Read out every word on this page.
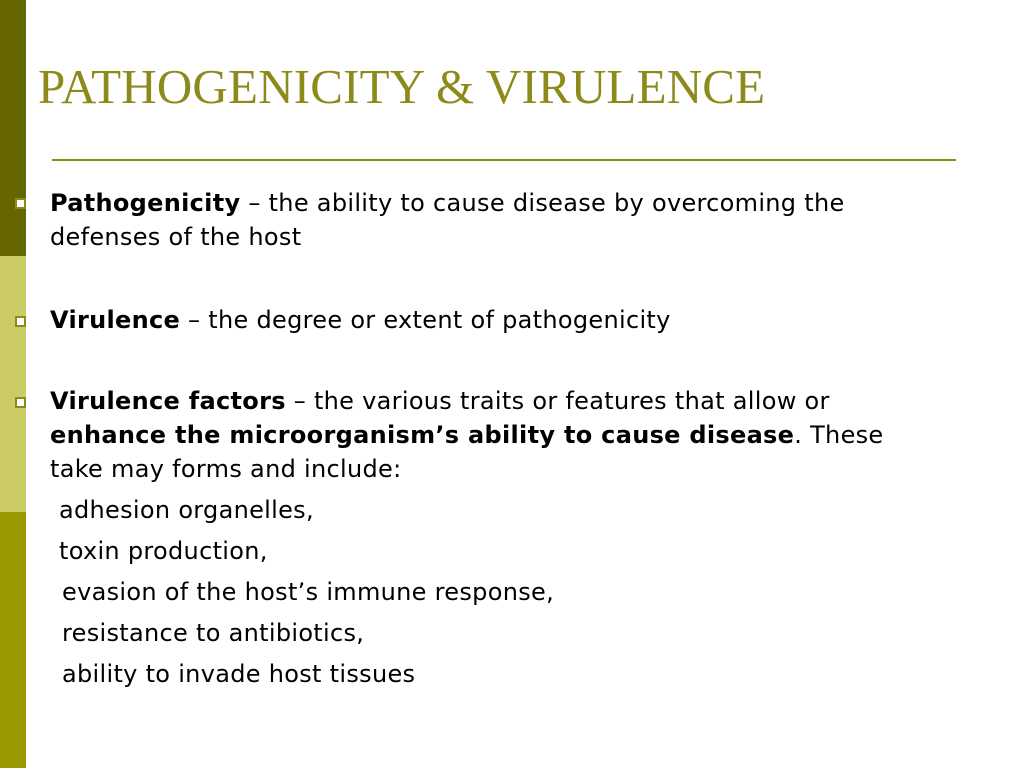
PATHOGENICITY & VIRULENCE

Pathogenicity – the ability to cause disease by overcoming the
defenses of the host

Virulence – the degree or extent of pathogenicity

Virulence factors – the various traits or features that allow or
enhance the microorganism’s ability to cause disease. These
take may forms and include:

adhesion organelles,

toxin production,

evasion of the host’s immune response,

resistance to antibiotics,

ability to invade host tissues
